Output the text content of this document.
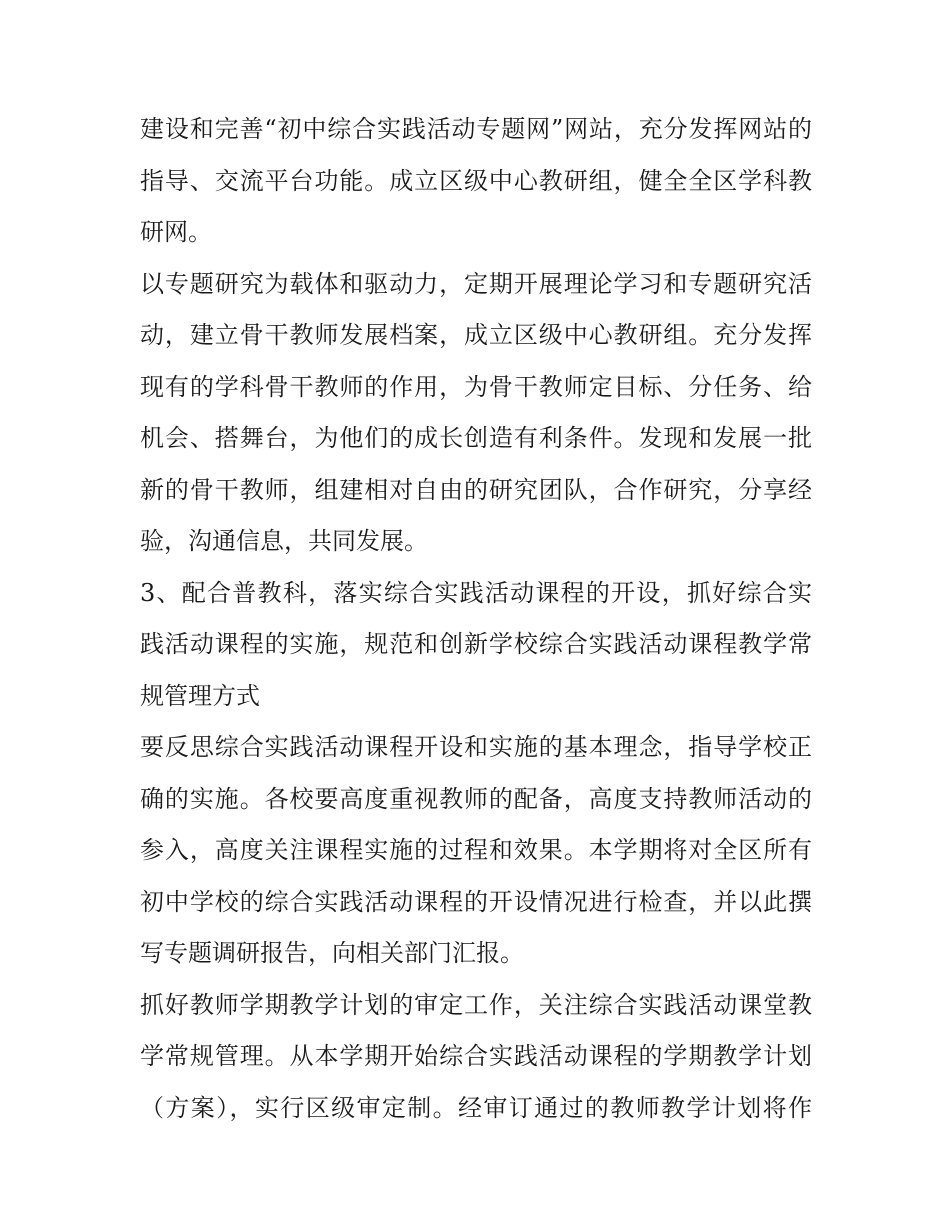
建设和完善“初中综合实践活动专题网”网站，充分发挥网站的
指导、交流平台功能。成立区级中心教研组，健全全区学科教
研网。

以专题研究为载体和驱动力，定期开展理论学习和专题研究活
动，建立骨干教师发展档案，成立区级中心教研组。充分发挥
现有的学科骨干教师的作用，为骨干教师定目标、分任务、给
机会、搭舞台，为他们的成长创造有利条件。发现和发展一批
新的骨干教师，组建相对自由的研究团队，合作研究，分享经
验，沟通信息，共同发展。

3、配合普教科，落实综合实践活动课程的开设，抓好综合实
践活动课程的实施，规范和创新学校综合实践活动课程教学常
规管理方式

要反思综合实践活动课程开设和实施的基本理念，指导学校正
确的实施。各校要高度重视教师的配备，高度支持教师活动的
参入，高度关注课程实施的过程和效果。本学期将对全区所有
初中学校的综合实践活动课程的开设情况进行检查，并以此撰
写专题调研报告，向相关部门汇报。

抓好教师学期教学计划的审定工作，关注综合实践活动课堂教
学常规管理。从本学期开始综合实践活动课程的学期教学计划
（方案），实行区级审定制。经审订通过的教师教学计划将作
